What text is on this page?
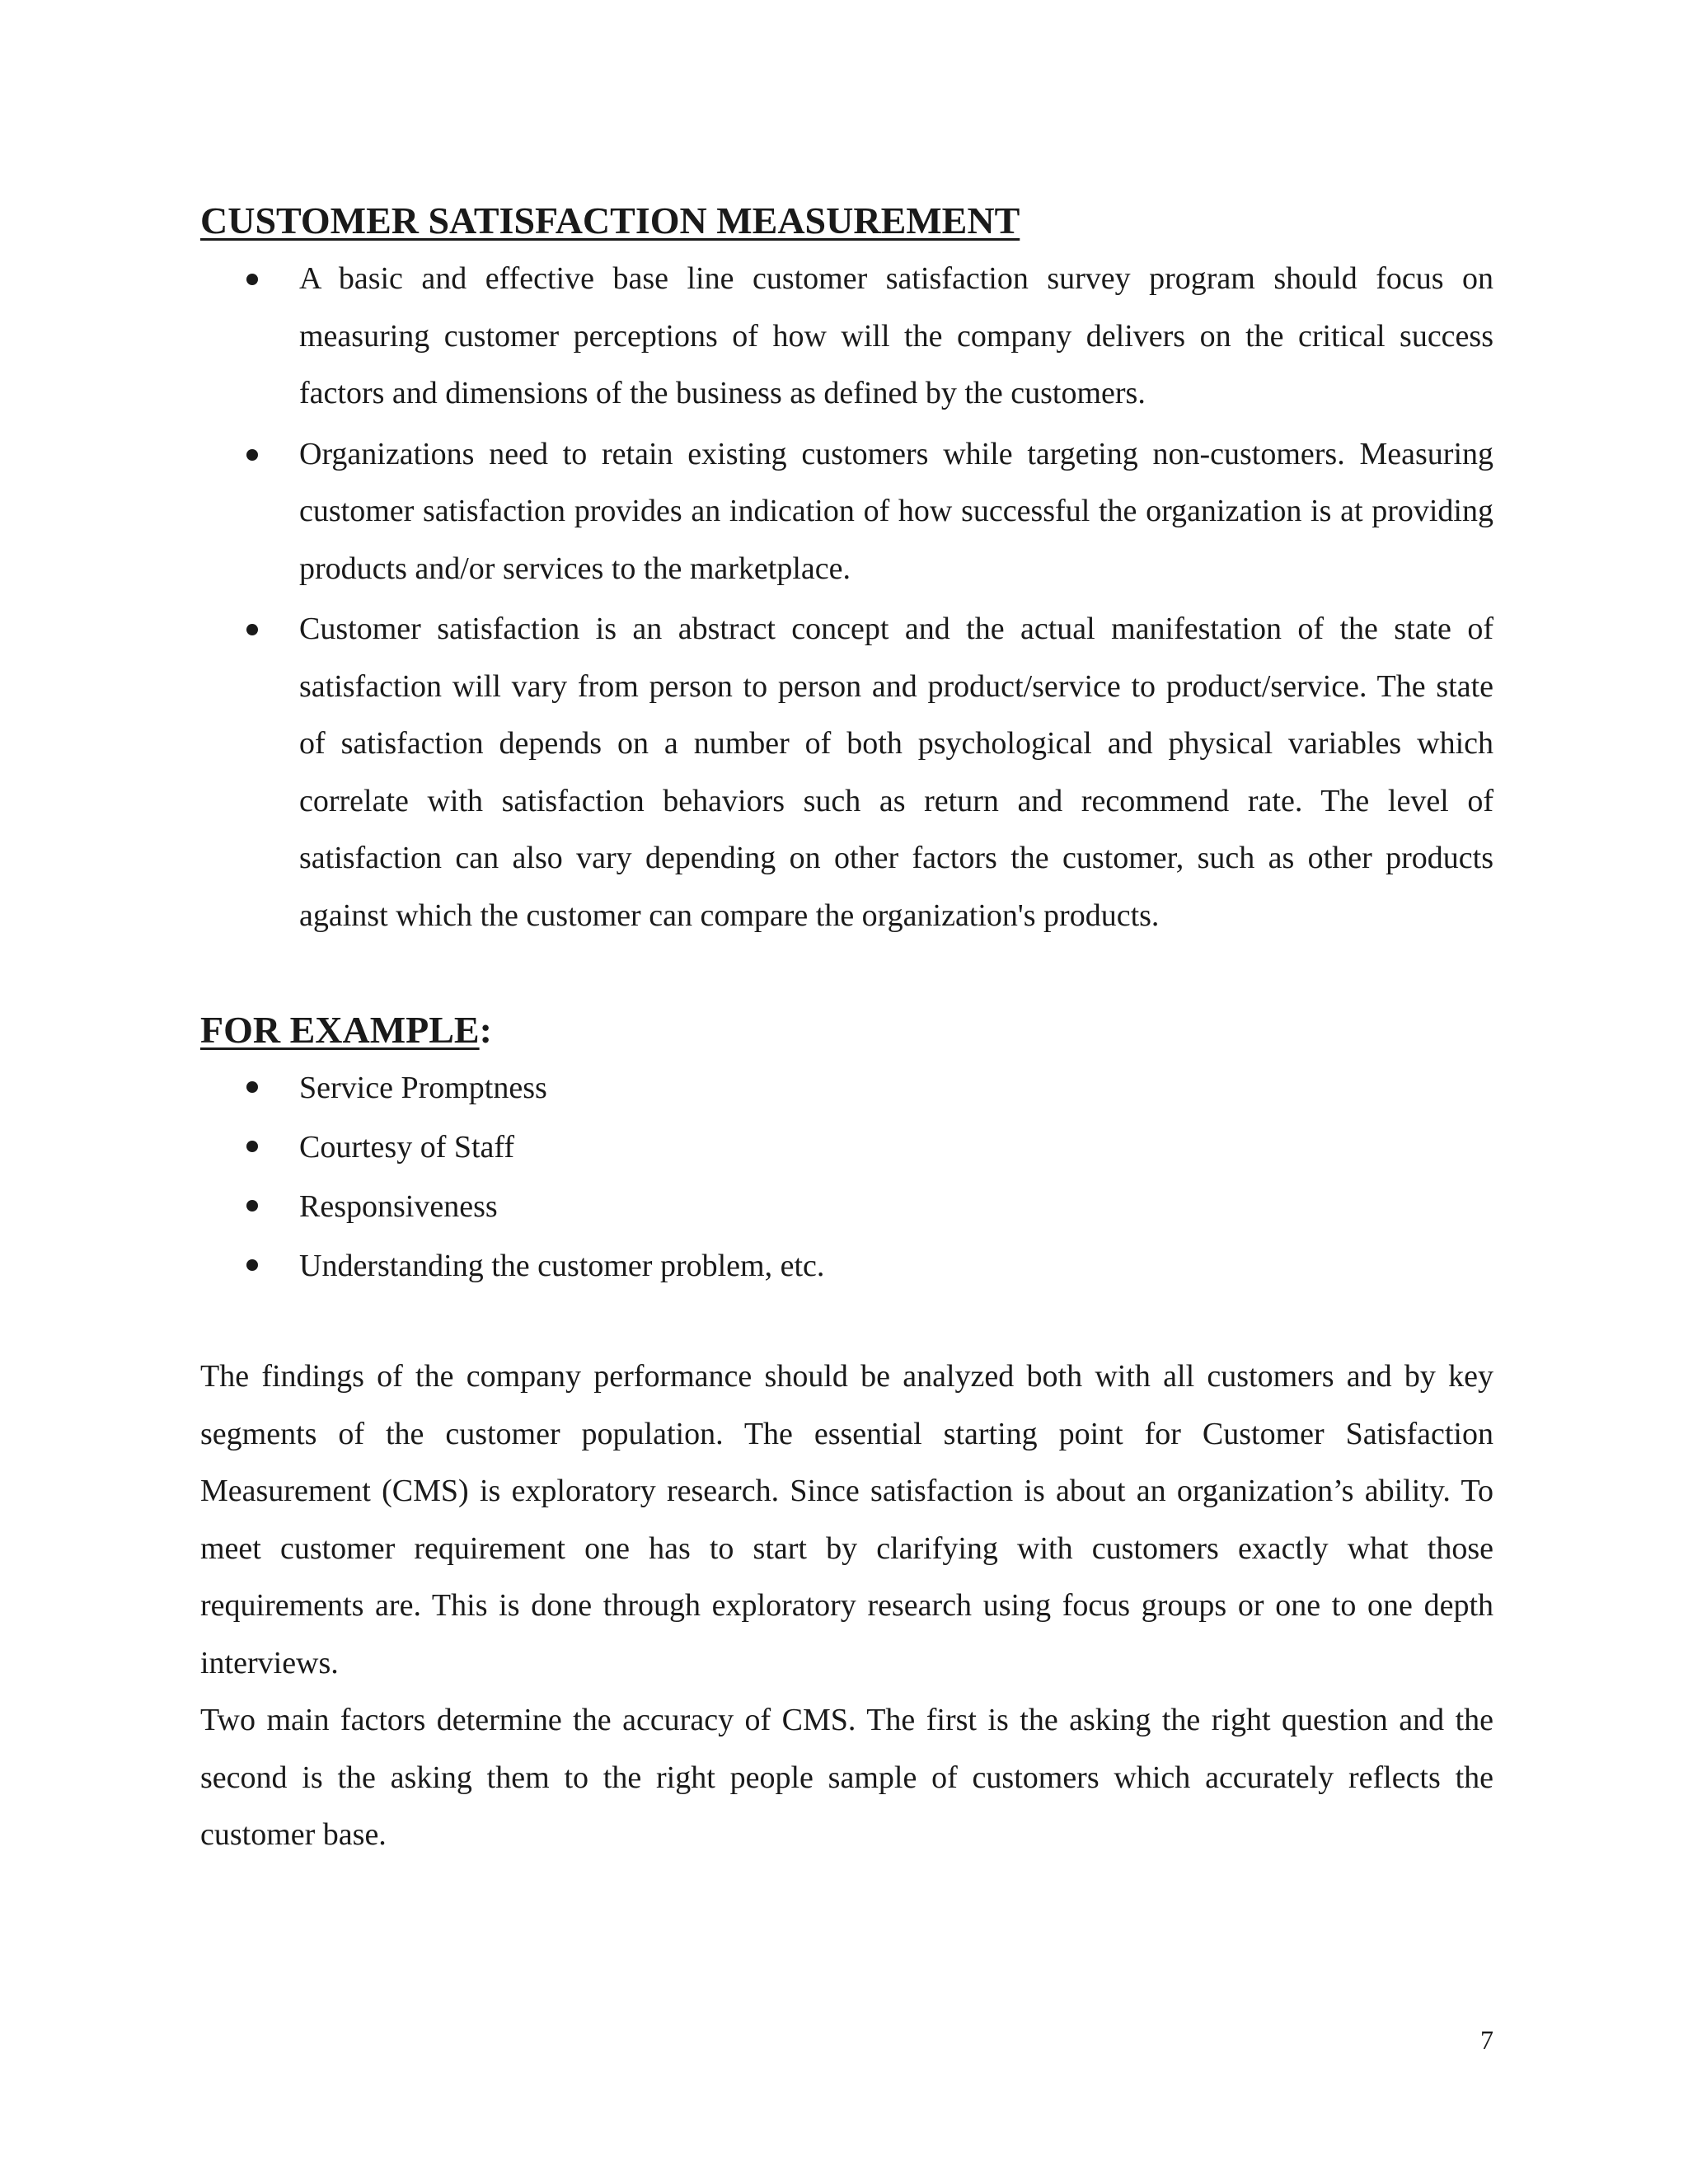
CUSTOMER SATISFACTION MEASUREMENT
A basic and effective base line customer satisfaction survey program should focus on measuring customer perceptions of how will the company delivers on the critical success factors and dimensions of the business as defined by the customers.
Organizations need to retain existing customers while targeting non-customers. Measuring customer satisfaction provides an indication of how successful the organization is at providing products and/or services to the marketplace.
Customer satisfaction is an abstract concept and the actual manifestation of the state of satisfaction will vary from person to person and product/service to product/service. The state of satisfaction depends on a number of both psychological and physical variables which correlate with satisfaction behaviors such as return and recommend rate. The level of satisfaction can also vary depending on other factors the customer, such as other products against which the customer can compare the organization's products.
FOR EXAMPLE:
Service Promptness
Courtesy of Staff
Responsiveness
Understanding the customer problem, etc.

The findings of the company performance should be analyzed both with all customers and by key segments of the customer population. The essential starting point for Customer Satisfaction Measurement (CMS) is exploratory research. Since satisfaction is about an organization’s ability. To meet customer requirement one has to start by clarifying with customers exactly what those requirements are. This is done through exploratory research using focus groups or one to one depth interviews.

Two main factors determine the accuracy of CMS. The first is the asking the right question and the second is the asking them to the right people sample of customers which accurately reflects the customer base.

7
